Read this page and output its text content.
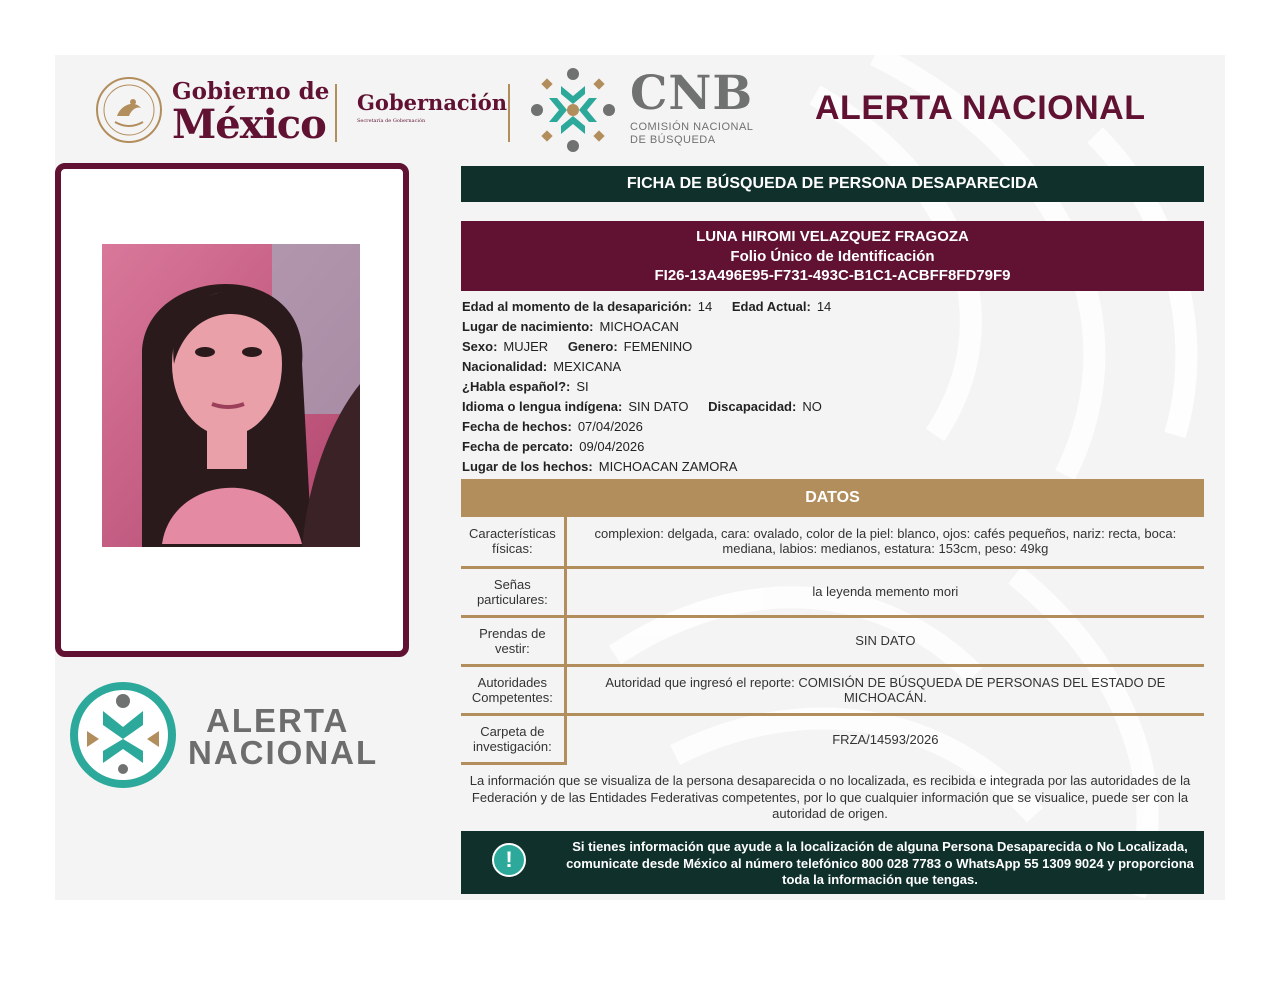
Gobierno de
México Gobernación
Secretaría de Gobernación	CNB
COMISIÓN NACIONAL
DE BÚSQUEDA
ALERTA NACIONAL
ALERTA
NACIONAL
FICHA DE BÚSQUEDA DE PERSONA DESAPARECIDA
LUNA HIROMI VELAZQUEZ FRAGOZA
Folio Único de Identificación
FI26-13A496E95-F731-493C-B1C1-ACBFF8FD79F9
Edad al momento de la desaparición: 14 Edad Actual: 14
Lugar de nacimiento: MICHOACAN
Sexo: MUJER Genero: FEMENINO
Nacionalidad: MEXICANA
¿Habla español?: SI
Idioma o lengua indígena: SIN DATO Discapacidad: NO
Fecha de hechos: 07/04/2026
Fecha de percato: 09/04/2026
Lugar de los hechos: MICHOACAN ZAMORA
DATOS
Características físicas:	complexion: delgada, cara: ovalado, color de la piel: blanco, ojos: cafés pequeños, nariz: recta, boca: mediana, labios: medianos, estatura: 153cm, peso: 49kg
Señas particulares:	la leyenda memento mori
Prendas de vestir:	SIN DATO
Autoridades Competentes:	Autoridad que ingresó el reporte: COMISIÓN DE BÚSQUEDA DE PERSONAS DEL ESTADO DE MICHOACÁN.
Carpeta de investigación:	FRZA/14593/2026
La información que se visualiza de la persona desaparecida o no localizada, es recibida e integrada por las autoridades de la Federación y de las Entidades Federativas competentes, por lo que cualquier información que se visualice, puede ser con la autoridad de origen.
!
Si tienes información que ayude a la localización de alguna Persona Desaparecida o No Localizada, comunicate desde México al número telefónico 800 028 7783 o WhatsApp 55 1309 9024 y proporciona toda la información que tengas.
